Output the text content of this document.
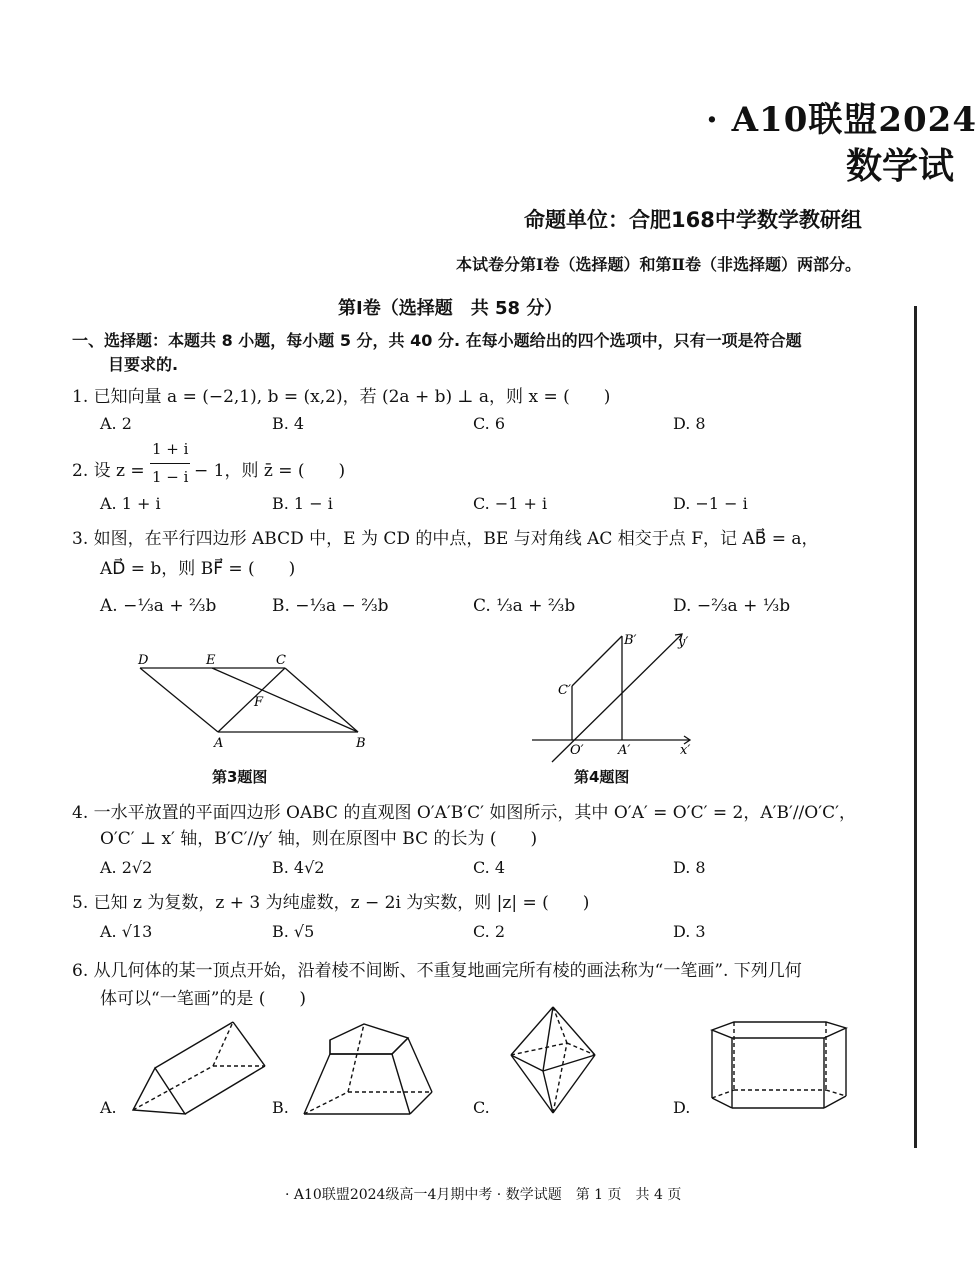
· A10联盟2024
数学试
命题单位：合肥168中学数学教研组
本试卷分第Ⅰ卷（选择题）和第Ⅱ卷（非选择题）两部分。
第Ⅰ卷（选择题　共 58 分）
一、选择题：本题共 8 小题，每小题 5 分，共 40 分. 在每小题给出的四个选项中，只有一项是符合题
目要求的.
1. 已知向量 a = (−2,1), b = (x,2)，若 (2a + b) ⊥ a，则 x = (　　)
A. 2	B. 4	C. 6	D. 8
2. 设 z =
1 + i
1 − i − 1，则 z̄ = (　　)
A. 1 + i	B. 1 − i	C. −1 + i	D. −1 − i
3. 如图，在平行四边形 ABCD 中，E 为 CD 的中点，BE 与对角线 AC 相交于点 F，记 AB⃗ = a，
AD⃗ = b，则 BF⃗ = (　　)
A. −⅓a + ⅔b	B. −⅓a − ⅔b	C. ⅓a + ⅔b	D. −⅔a + ⅓b
D	E	C
F
A	B
第3题图
B′	y′
C′
O′	A′	x′
第4题图
4. 一水平放置的平面四边形 OABC 的直观图 O′A′B′C′ 如图所示，其中 O′A′ = O′C′ = 2，A′B′//O′C′，
O′C′ ⊥ x′ 轴，B′C′//y′ 轴，则在原图中 BC 的长为 (　　)
A. 2√2	B. 4√2	C. 4	D. 8
5. 已知 z 为复数，z + 3 为纯虚数，z − 2i 为实数，则 |z| = (　　)
A. √13	B. √5	C. 2	D. 3
6. 从几何体的某一顶点开始，沿着棱不间断、不重复地画完所有棱的画法称为“一笔画”. 下列几何
体可以“一笔画”的是 (　　)
A.	B.	C.	D.
· A10联盟2024级高一4月期中考 · 数学试题　第 1 页　共 4 页
